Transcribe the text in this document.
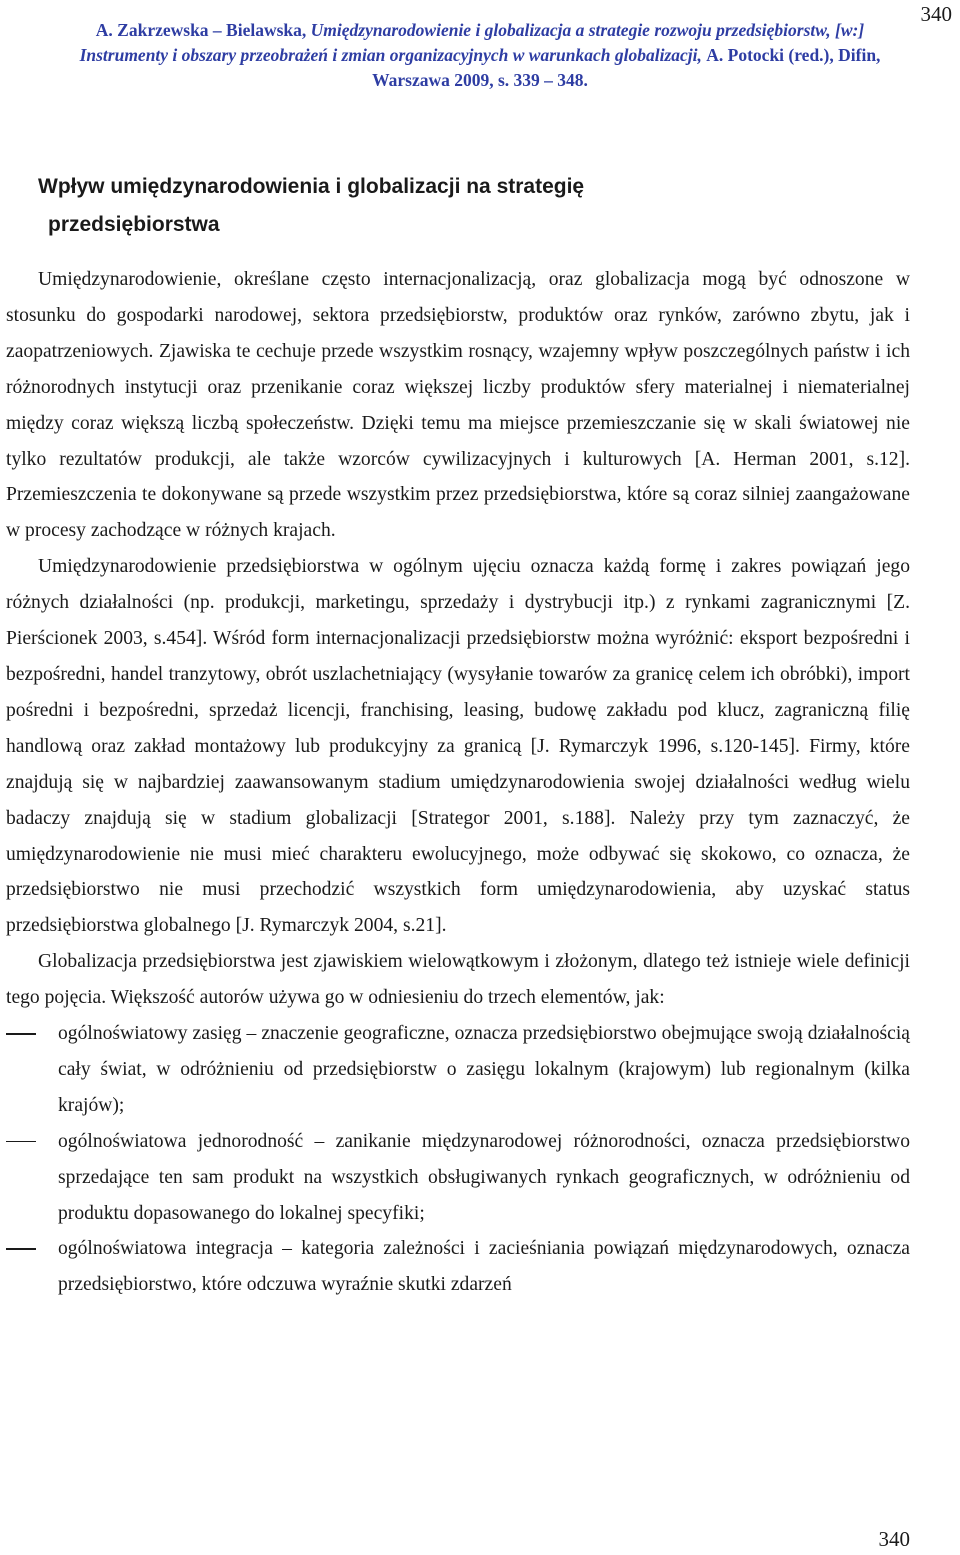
340
A. Zakrzewska – Bielawska, Umiędzynarodowienie i globalizacja a strategie rozwoju przedsiębiorstw, [w:] Instrumenty i obszary przeobrażeń i zmian organizacyjnych w warunkach globalizacji, A. Potocki (red.), Difin, Warszawa 2009, s. 339 – 348.
Wpływ umiędzynarodowienia i globalizacji na strategię
przedsiębiorstwa

Umiędzynarodowienie, określane często internacjonalizacją, oraz globalizacja mogą być odnoszone w stosunku do gospodarki narodowej, sektora przedsiębiorstw, produktów oraz rynków, zarówno zbytu, jak i zaopatrzeniowych. Zjawiska te cechuje przede wszystkim rosnący, wzajemny wpływ poszczególnych państw i ich różnorodnych instytucji oraz przenikanie coraz większej liczby produktów sfery materialnej i niematerialnej między coraz większą liczbą społeczeństw. Dzięki temu ma miejsce przemieszczanie się w skali światowej nie tylko rezultatów produkcji, ale także wzorców cywilizacyjnych i kulturowych [A. Herman 2001, s.12]. Przemieszczenia te dokonywane są przede wszystkim przez przedsiębiorstwa, które są coraz silniej zaangażowane w procesy zachodzące w różnych krajach.

Umiędzynarodowienie przedsiębiorstwa w ogólnym ujęciu oznacza każdą formę i zakres powiązań jego różnych działalności (np. produkcji, marketingu, sprzedaży i dystrybucji itp.) z rynkami zagranicznymi [Z. Pierścionek 2003, s.454]. Wśród form internacjonalizacji przedsiębiorstw można wyróżnić: eksport bezpośredni i bezpośredni, handel tranzytowy, obrót uszlachetniający (wysyłanie towarów za granicę celem ich obróbki), import pośredni i bezpośredni, sprzedaż licencji, franchising, leasing, budowę zakładu pod klucz, zagraniczną filię handlową oraz zakład montażowy lub produkcyjny za granicą [J. Rymarczyk 1996, s.120-145]. Firmy, które znajdują się w najbardziej zaawansowanym stadium umiędzynarodowienia swojej działalności według wielu badaczy znajdują się w stadium globalizacji [Strategor 2001, s.188]. Należy przy tym zaznaczyć, że umiędzynarodowienie nie musi mieć charakteru ewolucyjnego, może odbywać się skokowo, co oznacza, że przedsiębiorstwo nie musi przechodzić wszystkich form umiędzynarodowienia, aby uzyskać status przedsiębiorstwa globalnego [J. Rymarczyk 2004, s.21].

Globalizacja przedsiębiorstwa jest zjawiskiem wielowątkowym i złożonym, dlatego też istnieje wiele definicji tego pojęcia. Większość autorów używa go w odniesieniu do trzech elementów, jak:

ogólnoświatowy zasięg – znaczenie geograficzne, oznacza przedsiębiorstwo obejmujące swoją działalnością cały świat, w odróżnieniu od przedsiębiorstw o zasięgu lokalnym (krajowym) lub regionalnym (kilka krajów);
ogólnoświatowa jednorodność – zanikanie międzynarodowej różnorodności, oznacza przedsiębiorstwo sprzedające ten sam produkt na wszystkich obsługiwanych rynkach geograficznych, w odróżnieniu od produktu dopasowanego do lokalnej specyfiki;
ogólnoświatowa integracja – kategoria zależności i zacieśniania powiązań międzynarodowych, oznacza przedsiębiorstwo, które odczuwa wyraźnie skutki zdarzeń
340
